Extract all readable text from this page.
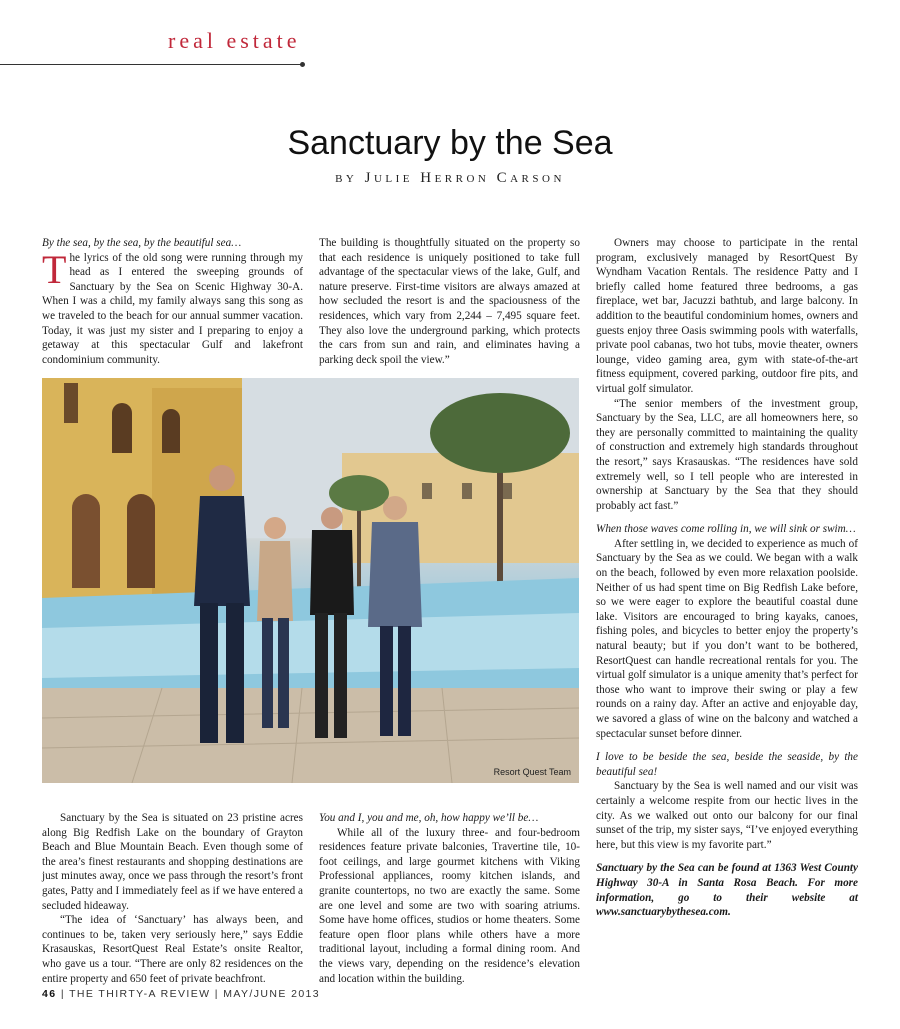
real estate
Sanctuary by the Sea
by Julie Herron Carson
By the sea, by the sea, by the beautiful sea…

The lyrics of the old song were running through my head as I entered the sweeping grounds of Sanctuary by the Sea on Scenic Highway 30-A. When I was a child, my family always sang this song as we traveled to the beach for our annual summer vacation. Today, it was just my sister and I preparing to enjoy a getaway at this spectacular Gulf and lakefront condominium community.

The building is thoughtfully situated on the property so that each residence is uniquely positioned to take full advantage of the spectacular views of the lake, Gulf, and nature preserve. First-time visitors are always amazed at how secluded the resort is and the spaciousness of the residences, which vary from 2,244 – 7,495 square feet. They also love the underground parking, which protects the cars from sun and rain, and eliminates having a parking deck spoil the view.”

Owners may choose to participate in the rental program, exclusively managed by ResortQuest By Wyndham Vacation Rentals. The residence Patty and I briefly called home featured three bedrooms, a gas fireplace, wet bar, Jacuzzi bathtub, and large balcony. In addition to the beautiful condominium homes, owners and guests enjoy three Oasis swimming pools with waterfalls, private pool cabanas, two hot tubs, movie theater, owners lounge, video gaming area, gym with state-of-the-art fitness equipment, covered parking, outdoor fire pits, and virtual golf simulator.

“The senior members of the investment group, Sanctuary by the Sea, LLC, are all homeowners here, so they are personally committed to maintaining the quality of construction and extremely high standards throughout the resort,” says Krasauskas. “The residences have sold extremely well, so I tell people who are interested in ownership at Sanctuary by the Sea that they should probably act fast.”

When those waves come rolling in, we will sink or swim…

After settling in, we decided to experience as much of Sanctuary by the Sea as we could. We began with a walk on the beach, followed by even more relaxation poolside. Neither of us had spent time on Big Redfish Lake before, so we were eager to explore the beautiful coastal dune lake. Visitors are encouraged to bring kayaks, canoes, fishing poles, and bicycles to better enjoy the property’s natural beauty; but if you don’t want to be bothered, ResortQuest can handle recreational rentals for you. The virtual golf simulator is a unique amenity that’s perfect for those who want to improve their swing or play a few rounds on a rainy day. After an active and enjoyable day, we savored a glass of wine on the balcony and watched a spectacular sunset before dinner.

I love to be beside the sea, beside the seaside, by the beautiful sea!

Sanctuary by the Sea is well named and our visit was certainly a welcome respite from our hectic lives in the city. As we walked out onto our balcony for our final sunset of the trip, my sister says, “I’ve enjoyed everything here, but this view is my favorite part.”

Sanctuary by the Sea can be found at 1363 West County Highway 30-A in Santa Rosa Beach. For more information, go to their website at www.sanctuarybythesea.com.

Resort Quest Team

Sanctuary by the Sea is situated on 23 pristine acres along Big Redfish Lake on the boundary of Grayton Beach and Blue Mountain Beach. Even though some of the area’s finest restaurants and shopping destinations are just minutes away, once we pass through the resort’s front gates, Patty and I immediately feel as if we have entered a secluded hideaway.

“The idea of ‘Sanctuary’ has always been, and continues to be, taken very seriously here,” says Eddie Krasauskas, ResortQuest Real Estate’s onsite Realtor, who gave us a tour. “There are only 82 residences on the entire property and 650 feet of private beachfront.

You and I, you and me, oh, how happy we’ll be…

While all of the luxury three- and four-bedroom residences feature private balconies, Travertine tile, 10-foot ceilings, and large gourmet kitchens with Viking Professional appliances, roomy kitchen islands, and granite countertops, no two are exactly the same. Some are one level and some are two with soaring atriums. Some have home offices, studios or home theaters. Some feature open floor plans while others have a more traditional layout, including a formal dining room. And the views vary, depending on the residence’s elevation and location within the building.

46 | THE THIRTY-A REVIEW | MAY/JUNE 2013
